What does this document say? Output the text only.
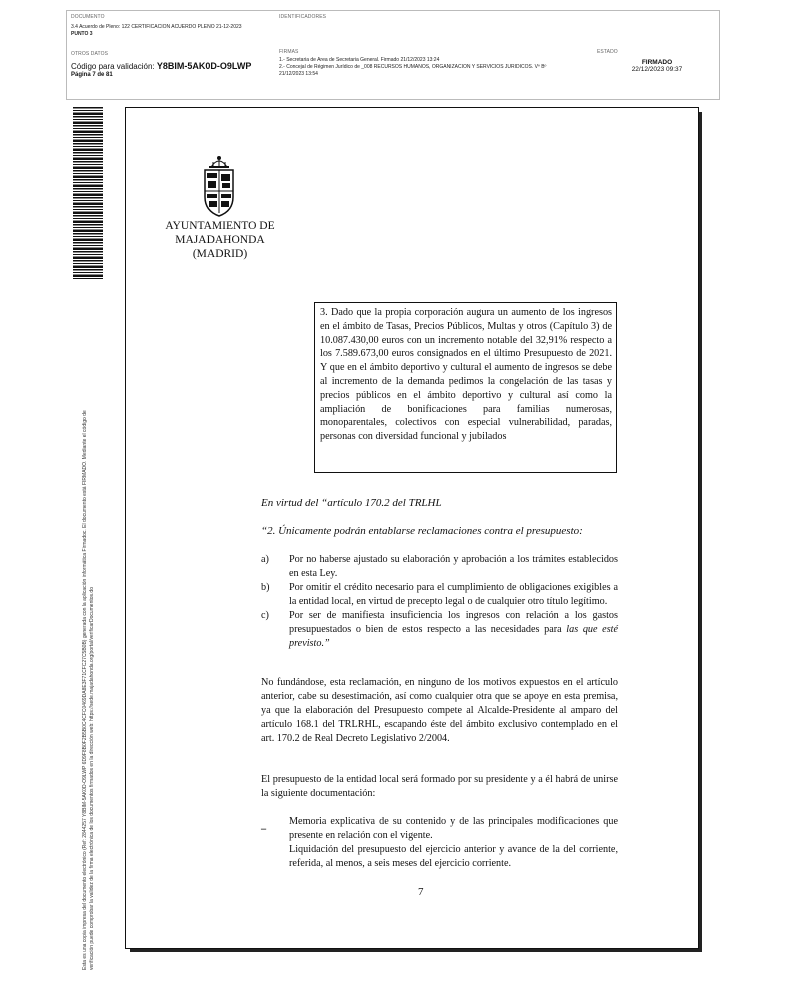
DOCUMENTO
3.4 Acuerdo de Pleno: 122 CERTIFICACION ACUERDO PLENO 21-12-2023
PUNTO 3
IDENTIFICADORES
OTROS DATOS
Código para validación: Y8BIM-5AK0D-O9LWP
Página 7 de 81
FIRMAS
1.- Secretaria de Area de Secretaria General. Firmado 21/12/2023 13:24
2.- Concejal de Régimen Jurídico de _008 RECURSOS HUMANOS, ORGANIZACIÓN Y SERVICIOS JURIDICOS. Vº Bº
21/12/2023 13:54
ESTADO
FIRMADO
22/12/2023 09:37
Esta es una copia impresa del documento electrónico (Ref: 2844257 Y8BIM-5AK0D-O9LWP 6D9F8B0F2B5B0C4CFC0469DA8E3F71CFC27C5B0B) generada con la aplicación informática Firmadoc. El documento está FIRMADO. Mediante el código de verificación puede comprobar la validez de la firma electrónica de los documentos firmados en la dirección web: https://sede.majadahonda.org/portal/verificarDocumentos.do
AYUNTAMIENTO DE
MAJADAHONDA
(MADRID)
3. Dado que la propia corporación augura un aumento de los ingresos en el ámbito de Tasas, Precios Públicos, Multas y otros (Capítulo 3) de 10.087.430,00 euros con un incremento notable del 32,91% respecto a los 7.589.673,00 euros consignados en el último Presupuesto de 2021. Y que en el ámbito deportivo y cultural el aumento de ingresos se debe al incremento de la demanda pedimos la congelación de las tasas y precios públicos en el ámbito deportivo y cultural así como la ampliación de bonificaciones para familias numerosas, monoparentales, colectivos con especial vulnerabilidad, paradas, personas con diversidad funcional y jubilados
En virtud del “artículo 170.2 del TRLHL
“2. Únicamente podrán entablarse reclamaciones contra el presupuesto:
a) Por no haberse ajustado su elaboración y aprobación a los trámites establecidos en esta Ley.
b) Por omitir el crédito necesario para el cumplimiento de obligaciones exigibles a la entidad local, en virtud de precepto legal o de cualquier otro título legítimo.
c) Por ser de manifiesta insuficiencia los ingresos con relación a los gastos presupuestados o bien de estos respecto a las necesidades para las que esté previsto.”
No fundándose, esta reclamación, en ninguno de los motivos expuestos en el artículo anterior, cabe su desestimación, así como cualquier otra que se apoye en esta premisa, ya que la elaboración del Presupuesto compete al Alcalde-Presidente al amparo del artículo 168.1 del TRLRHL, escapando éste del ámbito exclusivo contemplado en el art. 170.2 de Real Decreto Legislativo 2/2004.
El presupuesto de la entidad local será formado por su presidente y a él habrá de unirse la siguiente documentación:
_ Memoria explicativa de su contenido y de las principales modificaciones que presente en relación con el vigente.
Liquidación del presupuesto del ejercicio anterior y avance de la del corriente, referida, al menos, a seis meses del ejercicio corriente.
7
